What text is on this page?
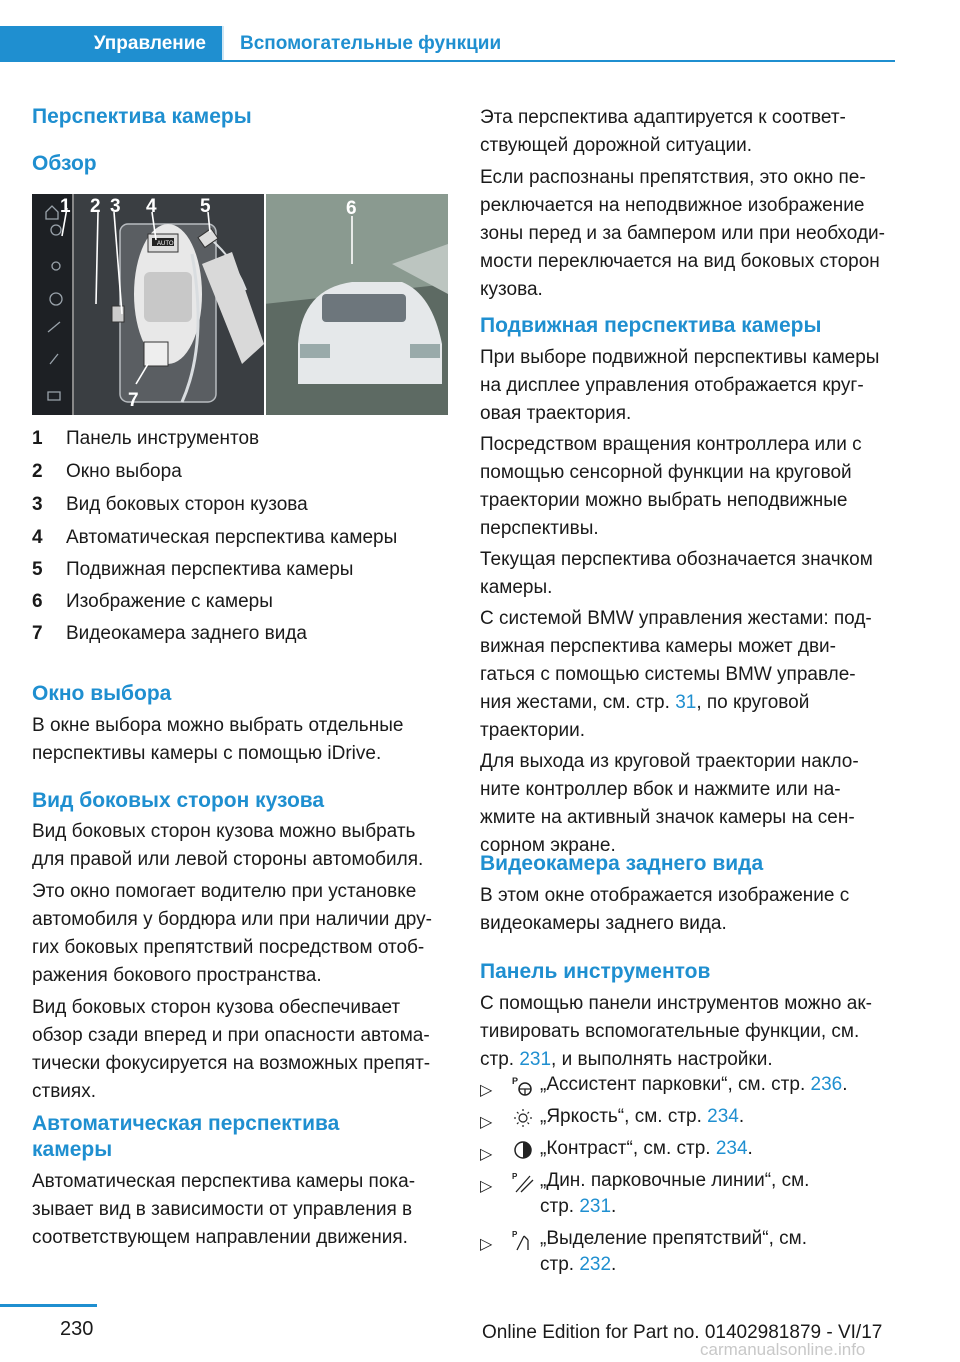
Управление Вспомогательные функции
Перспектива камеры
Обзор
AUTO
1 2 3 4 5	6
7
1 Панель инструментов
2 Окно выбора
3 Вид боковых сторон кузова
4 Автоматическая перспектива камеры
5 Подвижная перспектива камеры
6 Изображение с камеры
7 Видеокамера заднего вида
Окно выбора
В окне выбора можно выбрать отдельные
перспективы камеры с помощью iDrive.
Вид боковых сторон кузова
Вид боковых сторон кузова можно выбрать
для правой или левой стороны автомобиля.
Это окно помогает водителю при установке
автомобиля у бордюра или при наличии дру‐
гих боковых препятствий посредством отоб‐
ражения бокового пространства.
Вид боковых сторон кузова обеспечивает
обзор сзади вперед и при опасности автома‐
тически фокусируется на возможных препят‐
ствиях.
Автоматическая перспектива
камеры
Автоматическая перспектива камеры пока‐
зывает вид в зависимости от управления в
соответствующем направлении движения.
Эта перспектива адаптируется к соответ‐
ствующей дорожной ситуации.
Если распознаны препятствия, это окно пе‐
реключается на неподвижное изображение
зоны перед и за бампером или при необходи‐
мости переключается на вид боковых сторон
кузова.
Подвижная перспектива камеры
При выборе подвижной перспективы камеры
на дисплее управления отображается круг‐
овая траектория.
Посредством вращения контроллера или с
помощью сенсорной функции на круговой
траектории можно выбрать неподвижные
перспективы.
Текущая перспектива обозначается значком
камеры.
С системой BMW управления жестами: под‐
вижная перспектива камеры может дви‐
гаться с помощью системы BMW управле‐
ния жестами, см. стр. 31, по круговой
траектории.
Для выхода из круговой траектории накло‐
ните контроллер вбок и нажмите или на‐
жмите на активный значок камеры на сен‐
сорном экране.
Видеокамера заднего вида
В этом окне отображается изображение с
видеокамеры заднего вида.
Панель инструментов
С помощью панели инструментов можно ак‐
тивировать вспомогательные функции, см.
стр. 231, и выполнять настройки.
▷
P „Ассистент парковки“, см. стр. 236.
▷	„Яркость“, см. стр. 234.
▷	„Контраст“, см. стр. 234.
▷
P „Дин. парковочные линии“, см.
стр. 231.
▷
P „Выделение препятствий“, см.
стр. 232.
230	Online Edition for Part no. 01402981879 - VI/17
carmanualsonline.info
